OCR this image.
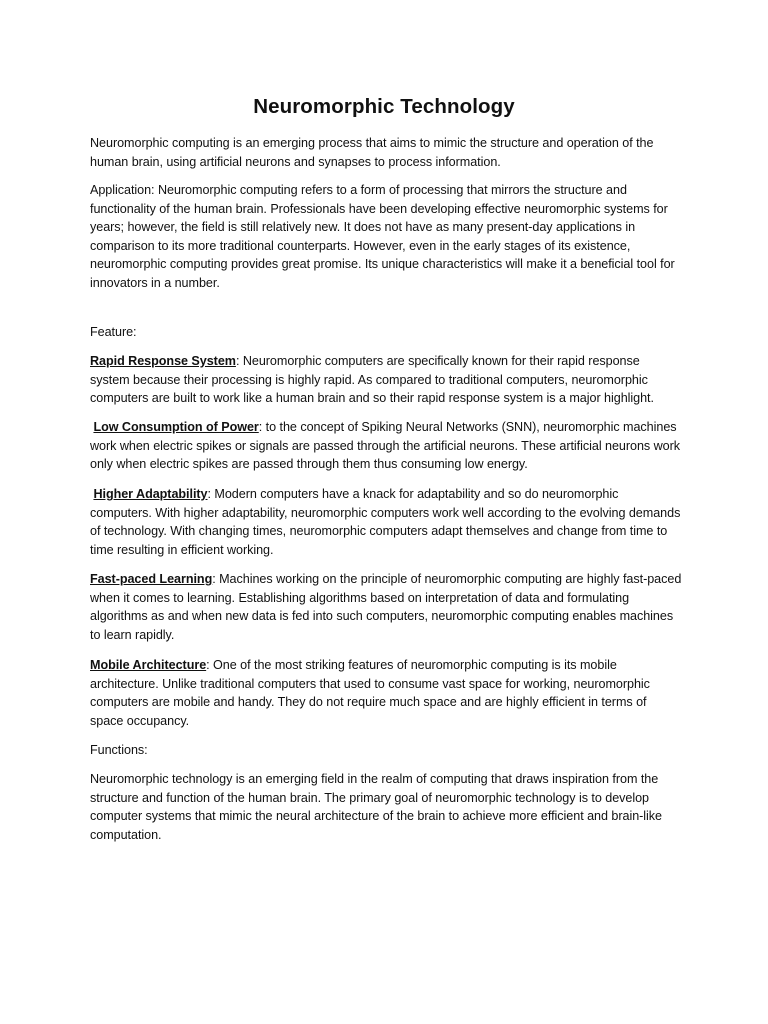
Neuromorphic Technology

Neuromorphic computing is an emerging process that aims to mimic the structure and operation of the human brain, using artificial neurons and synapses to process information.

Application: Neuromorphic computing refers to a form of processing that mirrors the structure and functionality of the human brain. Professionals have been developing effective neuromorphic systems for years; however, the field is still relatively new. It does not have as many present-day applications in comparison to its more traditional counterparts. However, even in the early stages of its existence, neuromorphic computing provides great promise. Its unique characteristics will make it a beneficial tool for innovators in a number.

Feature:

Rapid Response System: Neuromorphic computers are specifically known for their rapid response system because their processing is highly rapid. As compared to traditional computers, neuromorphic computers are built to work like a human brain and so their rapid response system is a major highlight.

Low Consumption of Power: to the concept of Spiking Neural Networks (SNN), neuromorphic machines work when electric spikes or signals are passed through the artificial neurons. These artificial neurons work only when electric spikes are passed through them thus consuming low energy.

Higher Adaptability: Modern computers have a knack for adaptability and so do neuromorphic computers. With higher adaptability, neuromorphic computers work well according to the evolving demands of technology. With changing times, neuromorphic computers adapt themselves and change from time to time resulting in efficient working.

Fast-paced Learning: Machines working on the principle of neuromorphic computing are highly fast-paced when it comes to learning. Establishing algorithms based on interpretation of data and formulating algorithms as and when new data is fed into such computers, neuromorphic computing enables machines to learn rapidly.

Mobile Architecture: One of the most striking features of neuromorphic computing is its mobile architecture. Unlike traditional computers that used to consume vast space for working, neuromorphic computers are mobile and handy. They do not require much space and are highly efficient in terms of space occupancy.

Functions:

Neuromorphic technology is an emerging field in the realm of computing that draws inspiration from the structure and function of the human brain. The primary goal of neuromorphic technology is to develop computer systems that mimic the neural architecture of the brain to achieve more efficient and brain-like computation.
